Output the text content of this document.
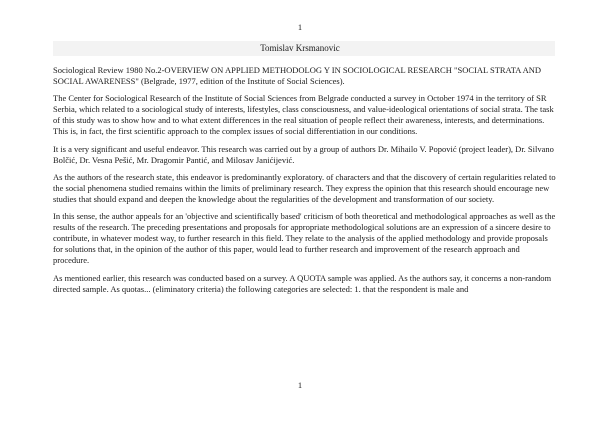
1
Tomislav Krsmanovic

Sociological Review 1980 No.2-OVERVIEW ON APPLIED METHODOLOG Y IN SOCIOLOGICAL RESEARCH "SOCIAL STRATA AND SOCIAL AWARENESS" (Belgrade, 1977, edition of the Institute of Social Sciences).

The Center for Sociological Research of the Institute of Social Sciences from Belgrade conducted a survey in October 1974 in the territory of SR Serbia, which related to a sociological study of interests, lifestyles, class consciousness, and value-ideological orientations of social strata. The task of this study was to show how and to what extent differences in the real situation of people reflect their awareness, interests, and determinations. This is, in fact, the first scientific approach to the complex issues of social differentiation in our conditions.

It is a very significant and useful endeavor. This research was carried out by a group of authors Dr. Mihailo V. Popović (project leader), Dr. Silvano Bolčić, Dr. Vesna Pešić, Mr. Dragomir Pantić, and Milosav Janićijević.

As the authors of the research state, this endeavor is predominantly exploratory. of characters and that the discovery of certain regularities related to the social phenomena studied remains within the limits of preliminary research. They express the opinion that this research should encourage new studies that should expand and deepen the knowledge about the regularities of the development and transformation of our society.

In this sense, the author appeals for an 'objective and scientifically based' criticism of both theoretical and methodological approaches as well as the results of the research. The preceding presentations and proposals for appropriate methodological solutions are an expression of a sincere desire to contribute, in whatever modest way, to further research in this field. They relate to the analysis of the applied methodology and provide proposals for solutions that, in the opinion of the author of this paper, would lead to further research and improvement of the research approach and procedure.

As mentioned earlier, this research was conducted based on a survey. A QUOTA sample was applied. As the authors say, it concerns a non-random directed sample. As quotas... (eliminatory criteria) the following categories are selected: 1. that the respondent is male and

1
